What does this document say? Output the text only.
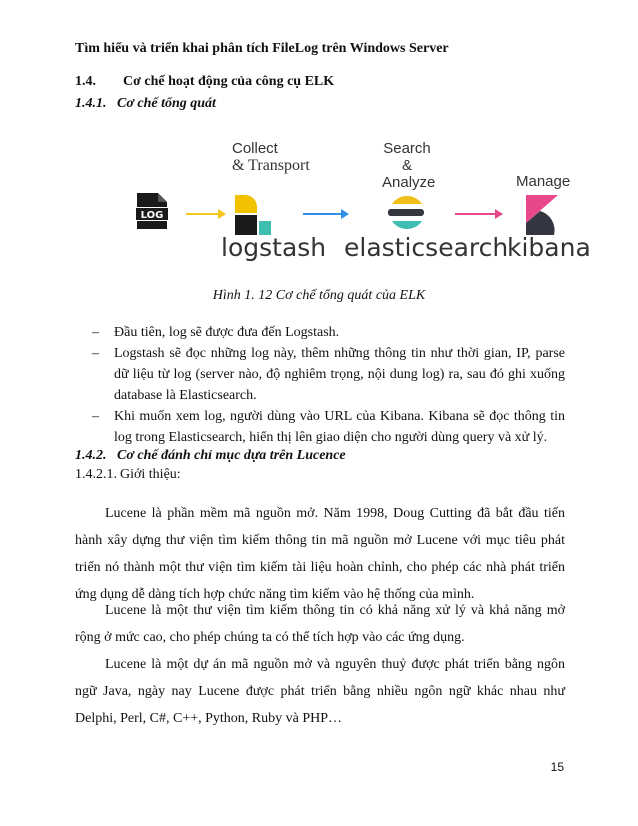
Tìm hiểu và triển khai phân tích FileLog trên Windows Server
1.4. Cơ chế hoạt động của công cụ ELK
1.4.1. Cơ chế tổng quát
LOG
Collect
& Transport
Search
&
Analyze	Manage
logstash elasticsearch
kibana
Hình 1. 12 Cơ chế tổng quát của ELK
– Đầu tiên, log sẽ được đưa đến Logstash.
– Logstash sẽ đọc những log này, thêm những thông tin như thời gian, IP, parse dữ liệu từ log (server nào, độ nghiêm trọng, nội dung log) ra, sau đó ghi xuống database là Elasticsearch.
– Khi muốn xem log, người dùng vào URL của Kibana. Kibana sẽ đọc thông tin log trong Elasticsearch, hiển thị lên giao diện cho người dùng query và xử lý.
1.4.2. Cơ chế đánh chỉ mục dựa trên Lucence
1.4.2.1. Giới thiệu:

Lucene là phần mềm mã nguồn mở. Năm 1998, Doug Cutting đã bắt đầu tiến hành xây dựng thư viện tìm kiếm thông tin mã nguồn mở Lucene với mục tiêu phát triển nó thành một thư viện tìm kiếm tài liệu hoàn chỉnh, cho phép các nhà phát triển ứng dụng dễ dàng tích hợp chức năng tìm kiếm vào hệ thống của mình.

Lucene là một thư viện tìm kiếm thông tin có khả năng xử lý và khả năng mở rộng ở mức cao, cho phép chúng ta có thể tích hợp vào các ứng dụng.

Lucene là một dự án mã nguồn mở và nguyên thuỷ được phát triển bằng ngôn ngữ Java, ngày nay Lucene được phát triển bằng nhiều ngôn ngữ khác nhau như Delphi, Perl, C#, C++, Python, Ruby và PHP…

15
